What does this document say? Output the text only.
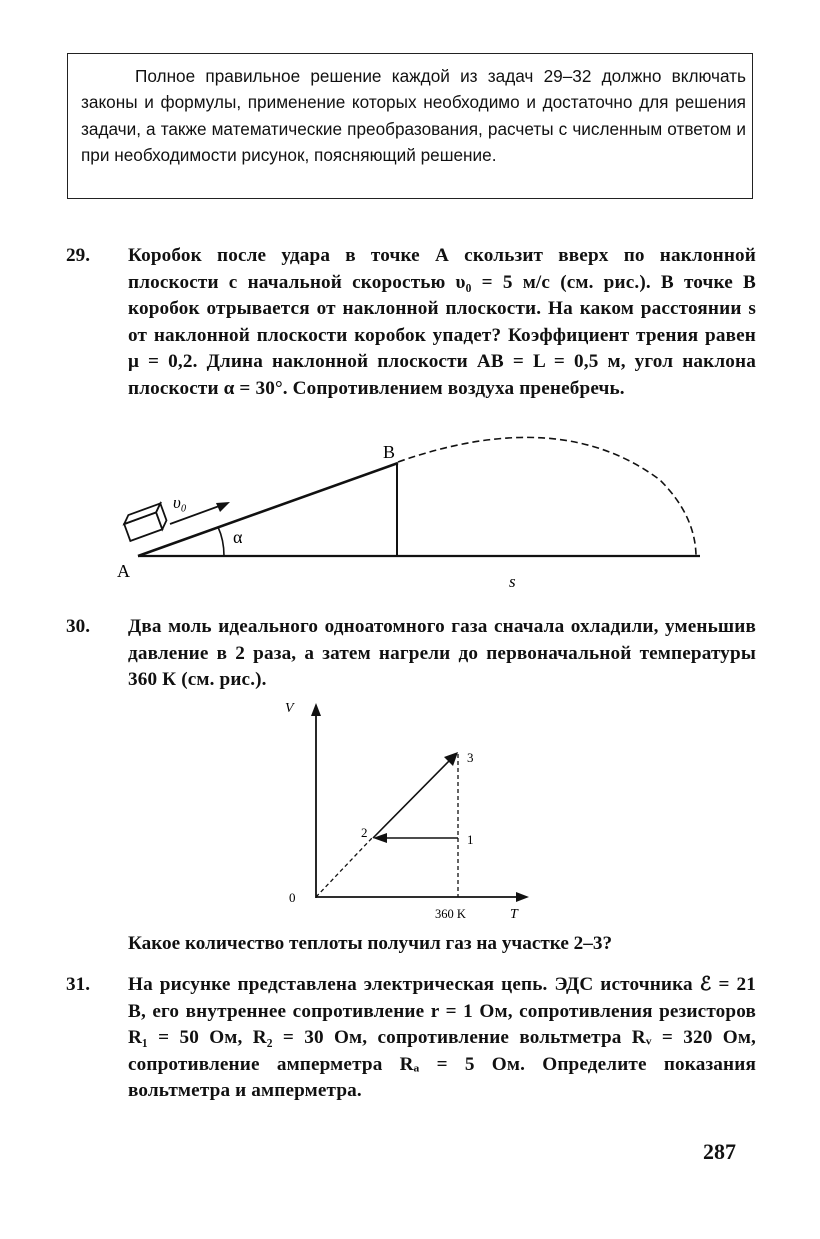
Полное правильное решение каждой из задач 29–32 должно включать законы и формулы, применение которых необходимо и достаточно для решения задачи, а также математические преобразования, расчеты с численным ответом и при необходимости рисунок, поясняющий решение.
29. Коробок после удара в точке А скользит вверх по наклонной плоскости с начальной скоростью υ₀ = 5 м/с (см. рис.). В точке В коробок отрывается от наклонной плоскости. На каком расстоянии s от наклонной плоскости коробок упадет? Коэффициент трения равен μ = 0,2. Длина наклонной плоскости AB = L = 0,5 м, угол наклона плоскости α = 30°. Сопротивлением воздуха пренебречь.
υ₀
α
A
B
s
30. Два моль идеального одноатомного газа сначала охладили, уменьшив давление в 2 раза, а затем нагрели до первоначальной температуры 360 К (см. рис.).
V
T
0
360 K
1
2
3
Какое количество теплоты получил газ на участке 2–3?
31. На рисунке представлена электрическая цепь. ЭДС источника ℰ = 21 В, его внутреннее сопротивление r = 1 Ом, сопротивления резисторов R₁ = 50 Ом, R₂ = 30 Ом, сопротивление вольтметра Rᵥ = 320 Ом, сопротивление амперметра Rₐ = 5 Ом. Определите показания вольтметра и амперметра.
287
